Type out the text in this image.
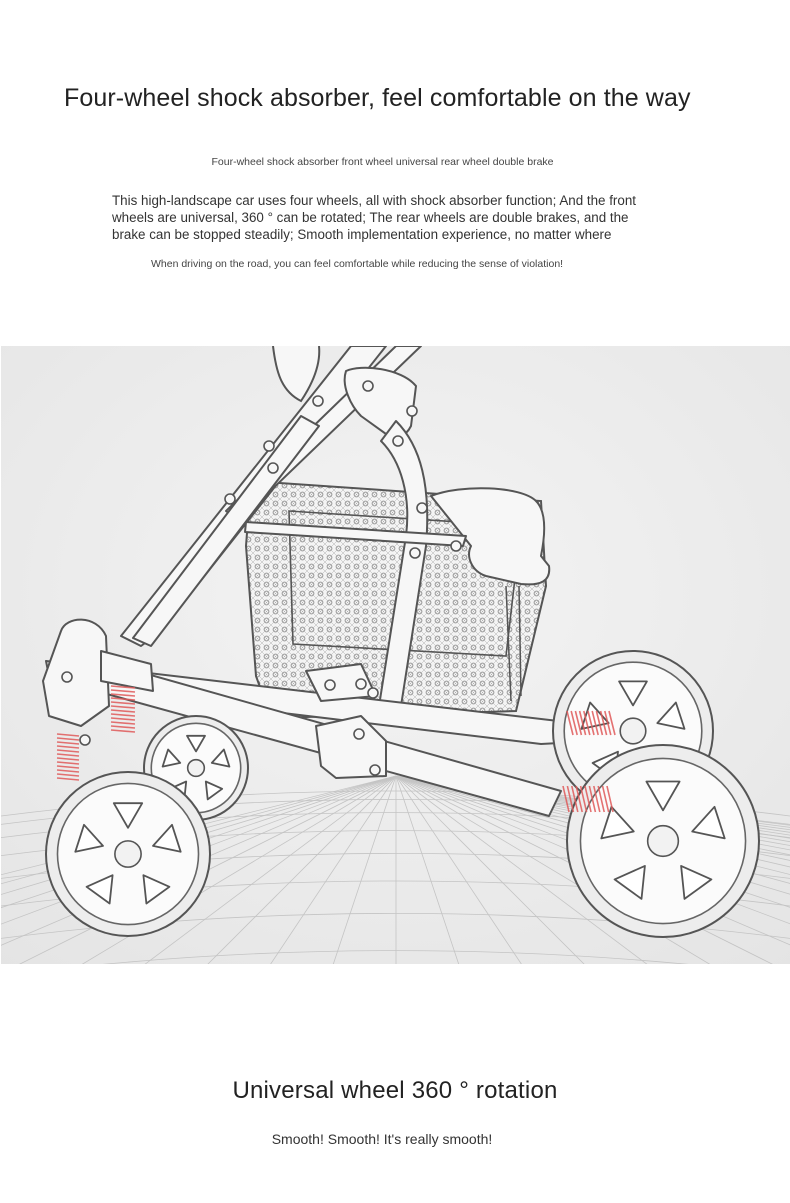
Four-wheel shock absorber, feel comfortable on the way
Four-wheel shock absorber front wheel universal rear wheel double brake
This high-landscape car uses four wheels, all with shock absorber function; And the front
wheels are universal, 360 ° can be rotated; The rear wheels are double brakes, and the
brake can be stopped steadily; Smooth implementation experience, no matter where
When driving on the road, you can feel comfortable while reducing the sense of violation!
Universal wheel 360 ° rotation
Smooth! Smooth! It's really smooth!
